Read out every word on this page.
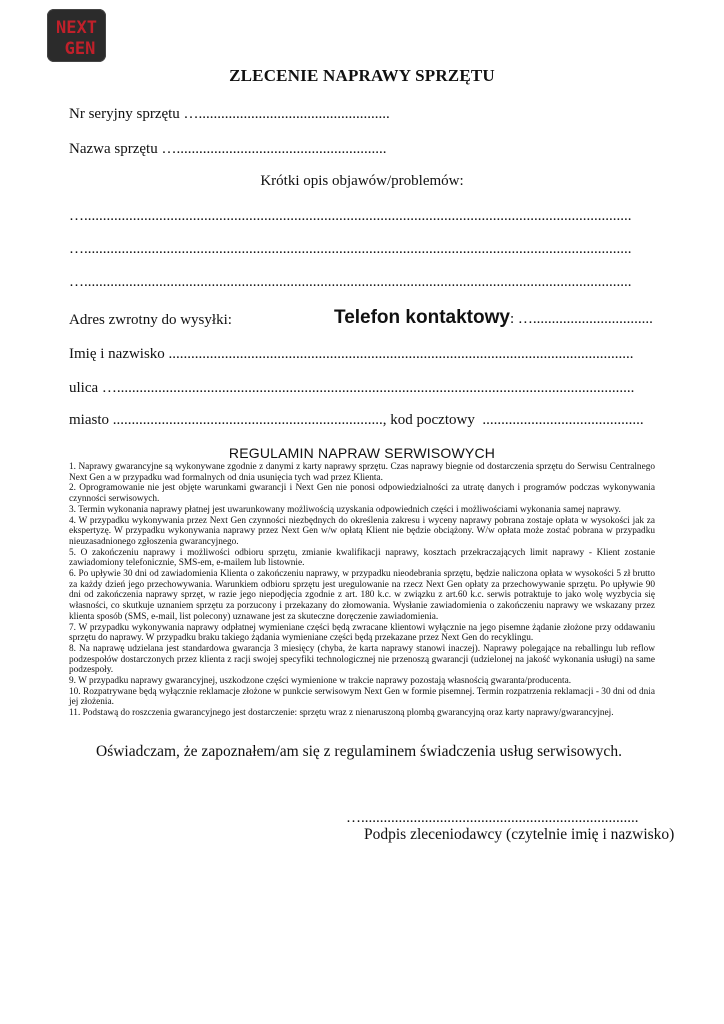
NEXT
GEN
ZLECENIE NAPRAWY SPRZĘTU
Nr seryjny sprzętu …...................................................
Nazwa sprzętu …........................................................
Krótki opis objawów/problemów:
…..................................................................................................................................................
…..................................................................................................................................................
…..................................................................................................................................................
Adres zwrotny do wysyłki:	Telefon kontaktowy: …................................
Imię i nazwisko ............................................................................................................................
ulica …..........................................................................................................................................
miasto ........................................................................, kod pocztowy ...........................................
REGULAMIN NAPRAW SERWISOWYCH

1. Naprawy gwarancyjne są wykonywane zgodnie z danymi z karty naprawy sprzętu. Czas naprawy biegnie od dostarczenia sprzętu do Serwisu Centralnego Next Gen a w przypadku wad formalnych od dnia usunięcia tych wad przez Klienta.

2. Oprogramowanie nie jest objęte warunkami gwarancji i Next Gen nie ponosi odpowiedzialności za utratę danych i programów podczas wykonywania czynności serwisowych.

3. Termin wykonania naprawy płatnej jest uwarunkowany możliwością uzyskania odpowiednich części i możliwościami wykonania samej naprawy.

4. W przypadku wykonywania przez Next Gen czynności niezbędnych do określenia zakresu i wyceny naprawy pobrana zostaje opłata w wysokości jak za ekspertyzę. W przypadku wykonywania naprawy przez Next Gen w/w opłatą Klient nie będzie obciążony. W/w opłata może zostać pobrana w przypadku nieuzasadnionego zgłoszenia gwarancyjnego.

5. O zakończeniu naprawy i możliwości odbioru sprzętu, zmianie kwalifikacji naprawy, kosztach przekraczających limit naprawy - Klient zostanie zawiadomiony telefonicznie, SMS-em, e-mailem lub listownie.

6. Po upływie 30 dni od zawiadomienia Klienta o zakończeniu naprawy, w przypadku nieodebrania sprzętu, będzie naliczona opłata w wysokości 5 zł brutto za każdy dzień jego przechowywania. Warunkiem odbioru sprzętu jest uregulowanie na rzecz Next Gen opłaty za przechowywanie sprzętu. Po upływie 90 dni od zakończenia naprawy sprzęt, w razie jego niepodjęcia zgodnie z art. 180 k.c. w związku z art.60 k.c. serwis potraktuje to jako wolę wyzbycia się własności, co skutkuje uznaniem sprzętu za porzucony i przekazany do złomowania. Wysłanie zawiadomienia o zakończeniu naprawy we wskazany przez klienta sposób (SMS, e-mail, list polecony) uznawane jest za skuteczne doręczenie zawiadomienia.

7. W przypadku wykonywania naprawy odpłatnej wymieniane części będą zwracane klientowi wyłącznie na jego pisemne żądanie złożone przy oddawaniu sprzętu do naprawy. W przypadku braku takiego żądania wymieniane części będą przekazane przez Next Gen do recyklingu.

8. Na naprawę udzielana jest standardowa gwarancja 3 miesięcy (chyba, że karta naprawy stanowi inaczej). Naprawy polegające na reballingu lub reflow podzespołów dostarczonych przez klienta z racji swojej specyfiki technologicznej nie przenoszą gwarancji (udzielonej na jakość wykonania usługi) na same podzespoły.

9. W przypadku naprawy gwarancyjnej, uszkodzone części wymienione w trakcie naprawy pozostają własnością gwaranta/producenta.

10. Rozpatrywane będą wyłącznie reklamacje złożone w punkcie serwisowym Next Gen w formie pisemnej. Termin rozpatrzenia reklamacji - 30 dni od dnia jej złożenia.

11. Podstawą do roszczenia gwarancyjnego jest dostarczenie: sprzętu wraz z nienaruszoną plombą gwarancyjną oraz karty naprawy/gwarancyjnej.

Oświadczam, że zapoznałem/am się z regulaminem świadczenia usług serwisowych.
…..........................................................................
Podpis zleceniodawcy (czytelnie imię i nazwisko)
